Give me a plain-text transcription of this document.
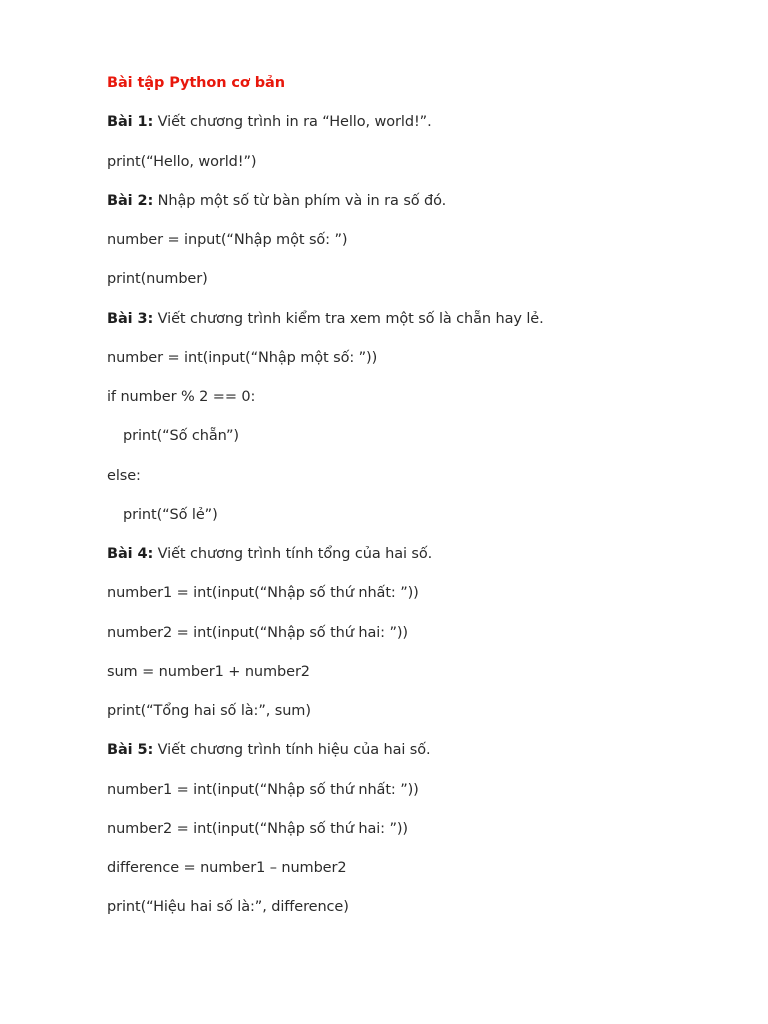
Bài tập Python cơ bản
Bài 1: Viết chương trình in ra “Hello, world!”.
print(“Hello, world!”)
Bài 2: Nhập một số từ bàn phím và in ra số đó.
number = input(“Nhập một số: ”)
print(number)
Bài 3: Viết chương trình kiểm tra xem một số là chẵn hay lẻ.
number = int(input(“Nhập một số: ”))
if number % 2 == 0:
print(“Số chẵn”)
else:
print(“Số lẻ”)
Bài 4: Viết chương trình tính tổng của hai số.
number1 = int(input(“Nhập số thứ nhất: ”))
number2 = int(input(“Nhập số thứ hai: ”))
sum = number1 + number2
print(“Tổng hai số là:”, sum)
Bài 5: Viết chương trình tính hiệu của hai số.
number1 = int(input(“Nhập số thứ nhất: ”))
number2 = int(input(“Nhập số thứ hai: ”))
difference = number1 – number2
print(“Hiệu hai số là:”, difference)
